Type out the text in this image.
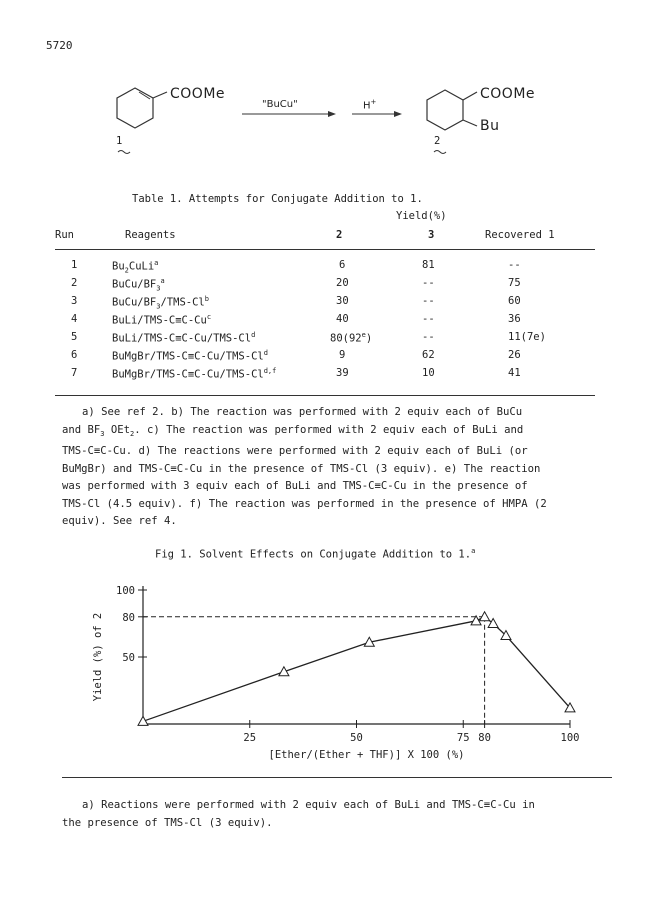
5720
COOMe
1
"BuCu"	H+	COOMe
Bu
2
Table 1. Attempts for Conjugate Addition to 1.
Yield(%)
Run	Reagents	2	3	Recovered 1
1	$Bu_2CuLi^a$	6	81	--
2	BuCu/$BF_3^a$	20	--	75
3	BuCu/$BF_3/TMS-Cl^b$	30	--	60
4	BuLi/$TMS-C\equiv C-Cu^c$	40	--	36
5	BuLi/$TMS-C\equiv C-Cu/TMS-Cl^d$	80(92e)	--	11(7e)
6	BuMgBr/$TMS-C\equiv C-Cu/TMS-Cl^d$	9	62	26
7	BuMgBr/TMS-C≡C-Cu/TMS-Cl$^{d,f}$	39	10	41
a) See ref 2. b) The reaction was performed with 2 equiv each of BuCu
and $BF_3$ OEt$_2$. c) The reaction was performed with 2 equiv each of BuLi and
TMS-C≡C-Cu. d) The reactions were performed with 2 equiv each of BuLi (or
BuMgBr) and TMS-C≡C-Cu in the presence of TMS-Cl (3 equiv). e) The reaction
was performed with 3 equiv each of BuLi and TMS-C≡C-Cu in the presence of
TMS-Cl (4.5 equiv). f) The reaction was performed in the presence of HMPA (2
equiv). See ref 4.
Fig 1. Solvent Effects on Conjugate Addition to 1.$^a$
50
80
100
25	50	75 80	100
[Ether/(Ether + THF)] X 100 (%)
Yield (%) of 2
a) Reactions were performed with 2 equiv each of BuLi and TMS-C≡C-Cu in
the presence of TMS-Cl (3 equiv).
